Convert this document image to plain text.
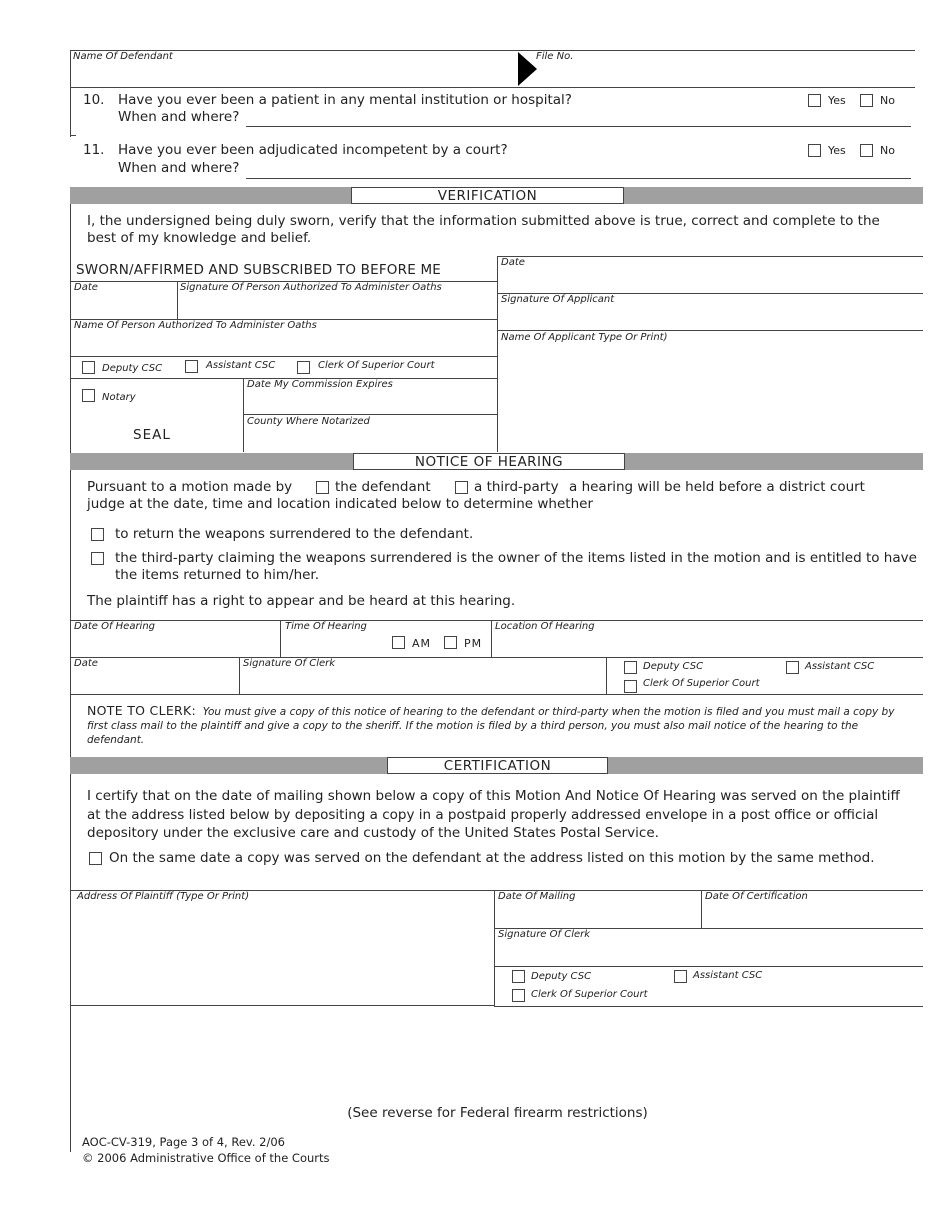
Name Of Defendant	File No.
10. Have you ever been a patient in any mental institution or hospital?
When and where?
Yes	No
11. Have you ever been adjudicated incompetent by a court?
When and where?
Yes	No
VERIFICATION
I, the undersigned being duly sworn, verify that the information submitted above is true, correct and complete to the best of my knowledge and belief.
SWORN/AFFIRMED AND SUBSCRIBED TO BEFORE ME
Date	Signature Of Person Authorized To Administer Oaths
Name Of Person Authorized To Administer Oaths
Deputy CSC	Assistant CSC	Clerk Of Superior Court
Notary
Date My Commission Expires
SEAL
County Where Notarized
Date
Signature Of Applicant
Name Of Applicant Type Or Print)
NOTICE OF HEARING
Pursuant to a motion made by	the defendant	a third-party a hearing will be held before a district court
judge at the date, time and location indicated below to determine whether
to return the weapons surrendered to the defendant.
the third-party claiming the weapons surrendered is the owner of the items listed in the motion and is entitled to have the items returned to him/her.
The plaintiff has a right to appear and be heard at this hearing.
Date Of Hearing	Time Of Hearing
AM	PM
Location Of Hearing
Date	Signature Of Clerk	Deputy CSC	Assistant CSC
Clerk Of Superior Court
NOTE TO CLERK: You must give a copy of this notice of hearing to the defendant or third-party when the motion is filed and you must mail a copy by first class mail to the plaintiff and give a copy to the sheriff. If the motion is filed by a third person, you must also mail notice of the hearing to the defendant.
CERTIFICATION
I certify that on the date of mailing shown below a copy of this Motion And Notice Of Hearing was served on the plaintiff at the address listed below by depositing a copy in a postpaid properly addressed envelope in a post office or official depository under the exclusive care and custody of the United States Postal Service.
On the same date a copy was served on the defendant at the address listed on this motion by the same method.
Address Of Plaintiff (Type Or Print)	Date Of Mailing	Date Of Certification
Signature Of Clerk
Deputy CSC	Assistant CSC
Clerk Of Superior Court
(See reverse for Federal firearm restrictions)
AOC-CV-319, Page 3 of 4, Rev. 2/06
© 2006 Administrative Office of the Courts
